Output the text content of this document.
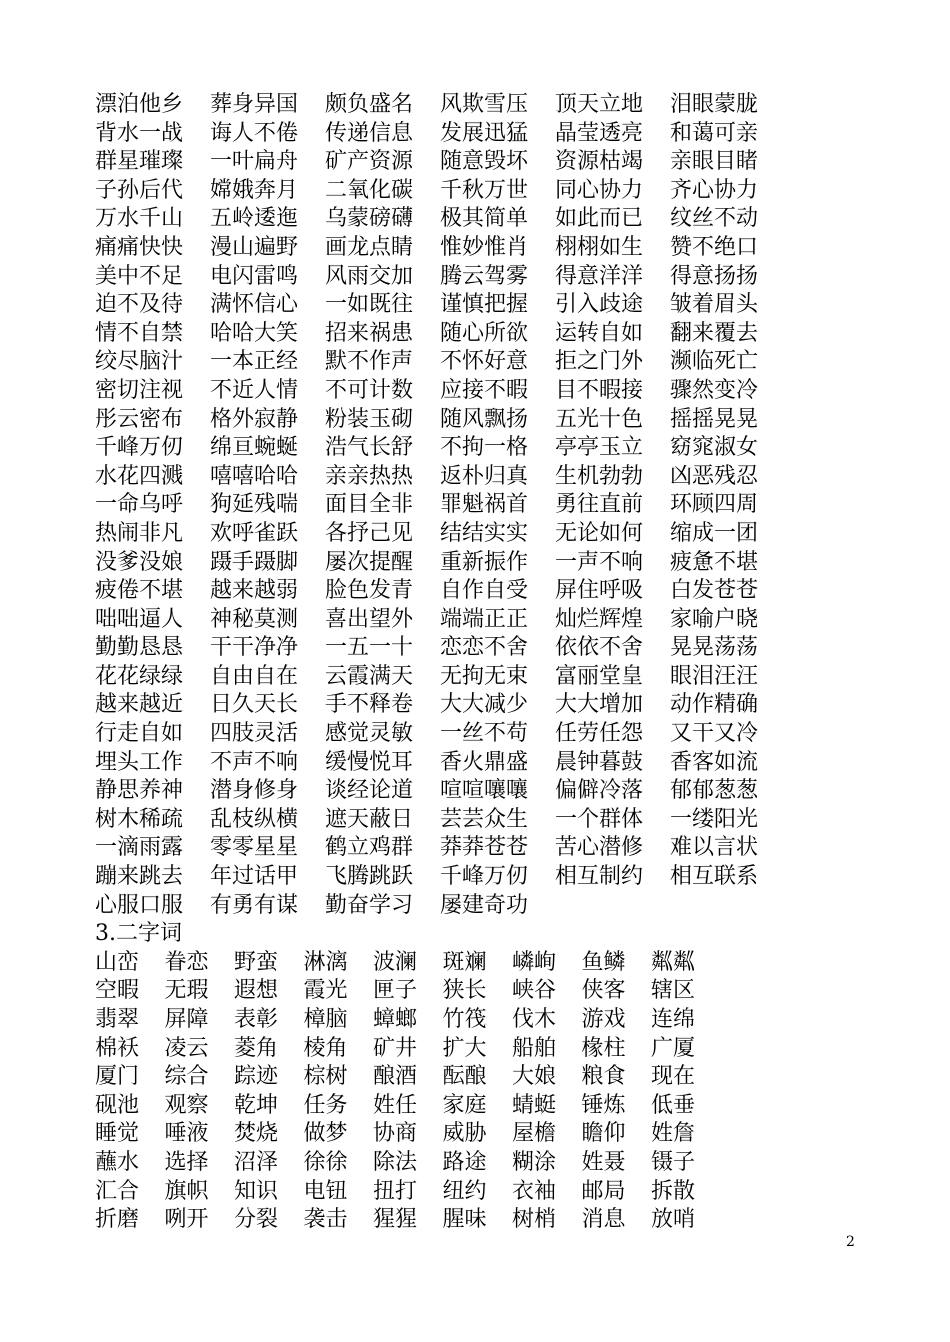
漂泊他乡	葬身异国	颇负盛名	风欺雪压	顶天立地	泪眼蒙胧
背水一战	诲人不倦	传递信息	发展迅猛	晶莹透亮	和蔼可亲
群星璀璨	一叶扁舟	矿产资源	随意毁坏	资源枯竭	亲眼目睹
子孙后代	嫦娥奔月	二氧化碳	千秋万世	同心协力	齐心协力
万水千山	五岭逶迤	乌蒙磅礴	极其简单	如此而已	纹丝不动
痛痛快快	漫山遍野	画龙点睛	惟妙惟肖	栩栩如生	赞不绝口
美中不足	电闪雷鸣	风雨交加	腾云驾雾	得意洋洋	得意扬扬
迫不及待	满怀信心	一如既往	谨慎把握	引入歧途	皱着眉头
情不自禁	哈哈大笑	招来祸患	随心所欲	运转自如	翻来覆去
绞尽脑汁	一本正经	默不作声	不怀好意	拒之门外	濒临死亡
密切注视	不近人情	不可计数	应接不暇	目不暇接	骤然变冷
彤云密布	格外寂静	粉装玉砌	随风飘扬	五光十色	摇摇晃晃
千峰万仞	绵亘蜿蜒	浩气长舒	不拘一格	亭亭玉立	窈窕淑女
水花四溅	嘻嘻哈哈	亲亲热热	返朴归真	生机勃勃	凶恶残忍
一命乌呼	狗延残喘	面目全非	罪魁祸首	勇往直前	环顾四周
热闹非凡	欢呼雀跃	各抒己见	结结实实	无论如何	缩成一团
没爹没娘	蹑手蹑脚	屡次提醒	重新振作	一声不响	疲惫不堪
疲倦不堪	越来越弱	脸色发青	自作自受	屏住呼吸	白发苍苍
咄咄逼人	神秘莫测	喜出望外	端端正正	灿烂辉煌	家喻户晓
勤勤恳恳	干干净净	一五一十	恋恋不舍	依依不舍	晃晃荡荡
花花绿绿	自由自在	云霞满天	无拘无束	富丽堂皇	眼泪汪汪
越来越近	日久天长	手不释卷	大大减少	大大增加	动作精确
行走自如	四肢灵活	感觉灵敏	一丝不苟	任劳任怨	又干又冷
埋头工作	不声不响	缓慢悦耳	香火鼎盛	晨钟暮鼓	香客如流
静思养神	潜身修身	谈经论道	喧喧嚷嚷	偏僻冷落	郁郁葱葱
树木稀疏	乱枝纵横	遮天蔽日	芸芸众生	一个群体	一缕阳光
一滴雨露	零零星星	鹤立鸡群	莽莽苍苍	苦心潜修	难以言状
蹦来跳去	年过话甲	飞腾跳跃	千峰万仞	相互制约	相互联系
心服口服	有勇有谋	勤奋学习	屡建奇功
3.二字词
山峦	眷恋	野蛮	淋漓	波澜	斑斓	嶙峋	鱼鳞	粼粼
空暇	无瑕	遐想	霞光	匣子	狭长	峡谷	侠客	辖区
翡翠	屏障	表彰	樟脑	蟑螂	竹筏	伐木	游戏	连绵
棉袄	凌云	菱角	棱角	矿井	扩大	船舶	椽柱	广厦
厦门	综合	踪迹	棕树	酿酒	酝酿	大娘	粮食	现在
砚池	观察	乾坤	任务	姓任	家庭	蜻蜓	锤炼	低垂
睡觉	唾液	焚烧	做梦	协商	威胁	屋檐	瞻仰	姓詹
蘸水	选择	沼泽	徐徐	除法	路途	糊涂	姓聂	镊子
汇合	旗帜	知识	电钮	扭打	纽约	衣袖	邮局	拆散
折磨	咧开	分裂	袭击	猩猩	腥味	树梢	消息	放哨
2
